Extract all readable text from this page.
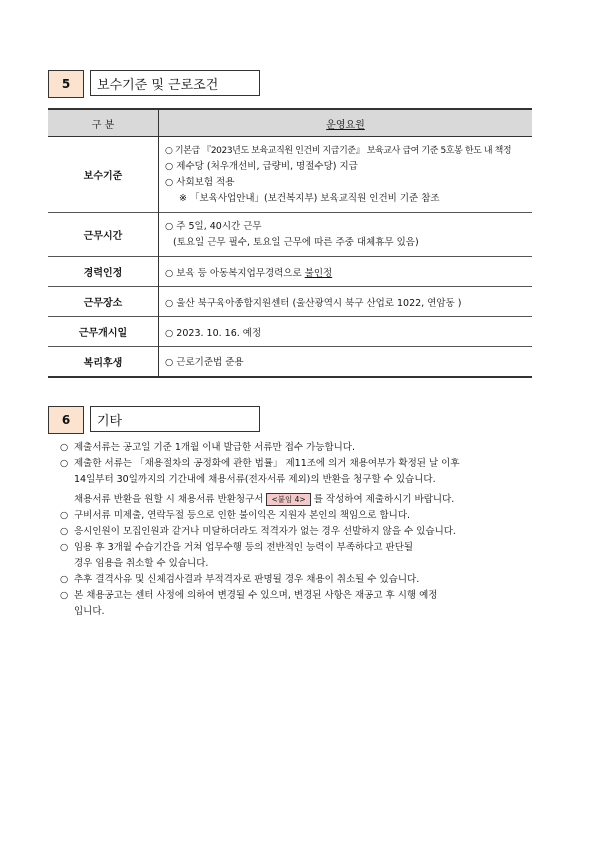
5	보수기준 및 근로조건
구 분	운영요원
보수기준	○ 기본급 『2023년도 보육교직원 인건비 지급기준』 보육교사 급여 기준 5호봉 한도 내 책정
○ 제수당 (처우개선비, 급량비, 명절수당) 지급
○ 사회보험 적용
※ 「보육사업안내」(보건복지부) 보육교직원 인건비 기준 참조

근무시간	○ 주 5일, 40시간 근무
(토요일 근무 필수, 토요일 근무에 따른 주중 대체휴무 있음)

경력인정	○ 보육 등 아동복지업무경력으로 불인정
근무장소	○ 울산 북구육아종합지원센터 (울산광역시 북구 산업로 1022, 연암동 )
근무개시일	○ 2023. 10. 16. 예정
복리후생	○ 근로기준법 준용
6	기타
○ 제출서류는 공고일 기준 1개월 이내 발급한 서류만 접수 가능합니다.
○ 제출한 서류는 「채용절차의 공정화에 관한 법률」 제11조에 의거 채용여부가 확정된 날 이후
14일부터 30일까지의 기간내에 채용서류(전자서류 제외)의 반환을 청구할 수 있습니다.
채용서류 반환을 원할 시 채용서류 반환청구서 <붙임 4> 를 작성하여 제출하시기 바랍니다.
○ 구비서류 미제출, 연락두절 등으로 인한 불이익은 지원자 본인의 책임으로 합니다.
○ 응시인원이 모집인원과 같거나 미달하더라도 적격자가 없는 경우 선발하지 않을 수 있습니다.
○ 임용 후 3개월 수습기간을 거쳐 업무수행 등의 전반적인 능력이 부족하다고 판단될
경우 임용을 취소할 수 있습니다.
○ 추후 결격사유 및 신체검사결과 부적격자로 판명될 경우 채용이 취소될 수 있습니다.
○ 본 채용공고는 센터 사정에 의하여 변경될 수 있으며, 변경된 사항은 재공고 후 시행 예정
입니다.
